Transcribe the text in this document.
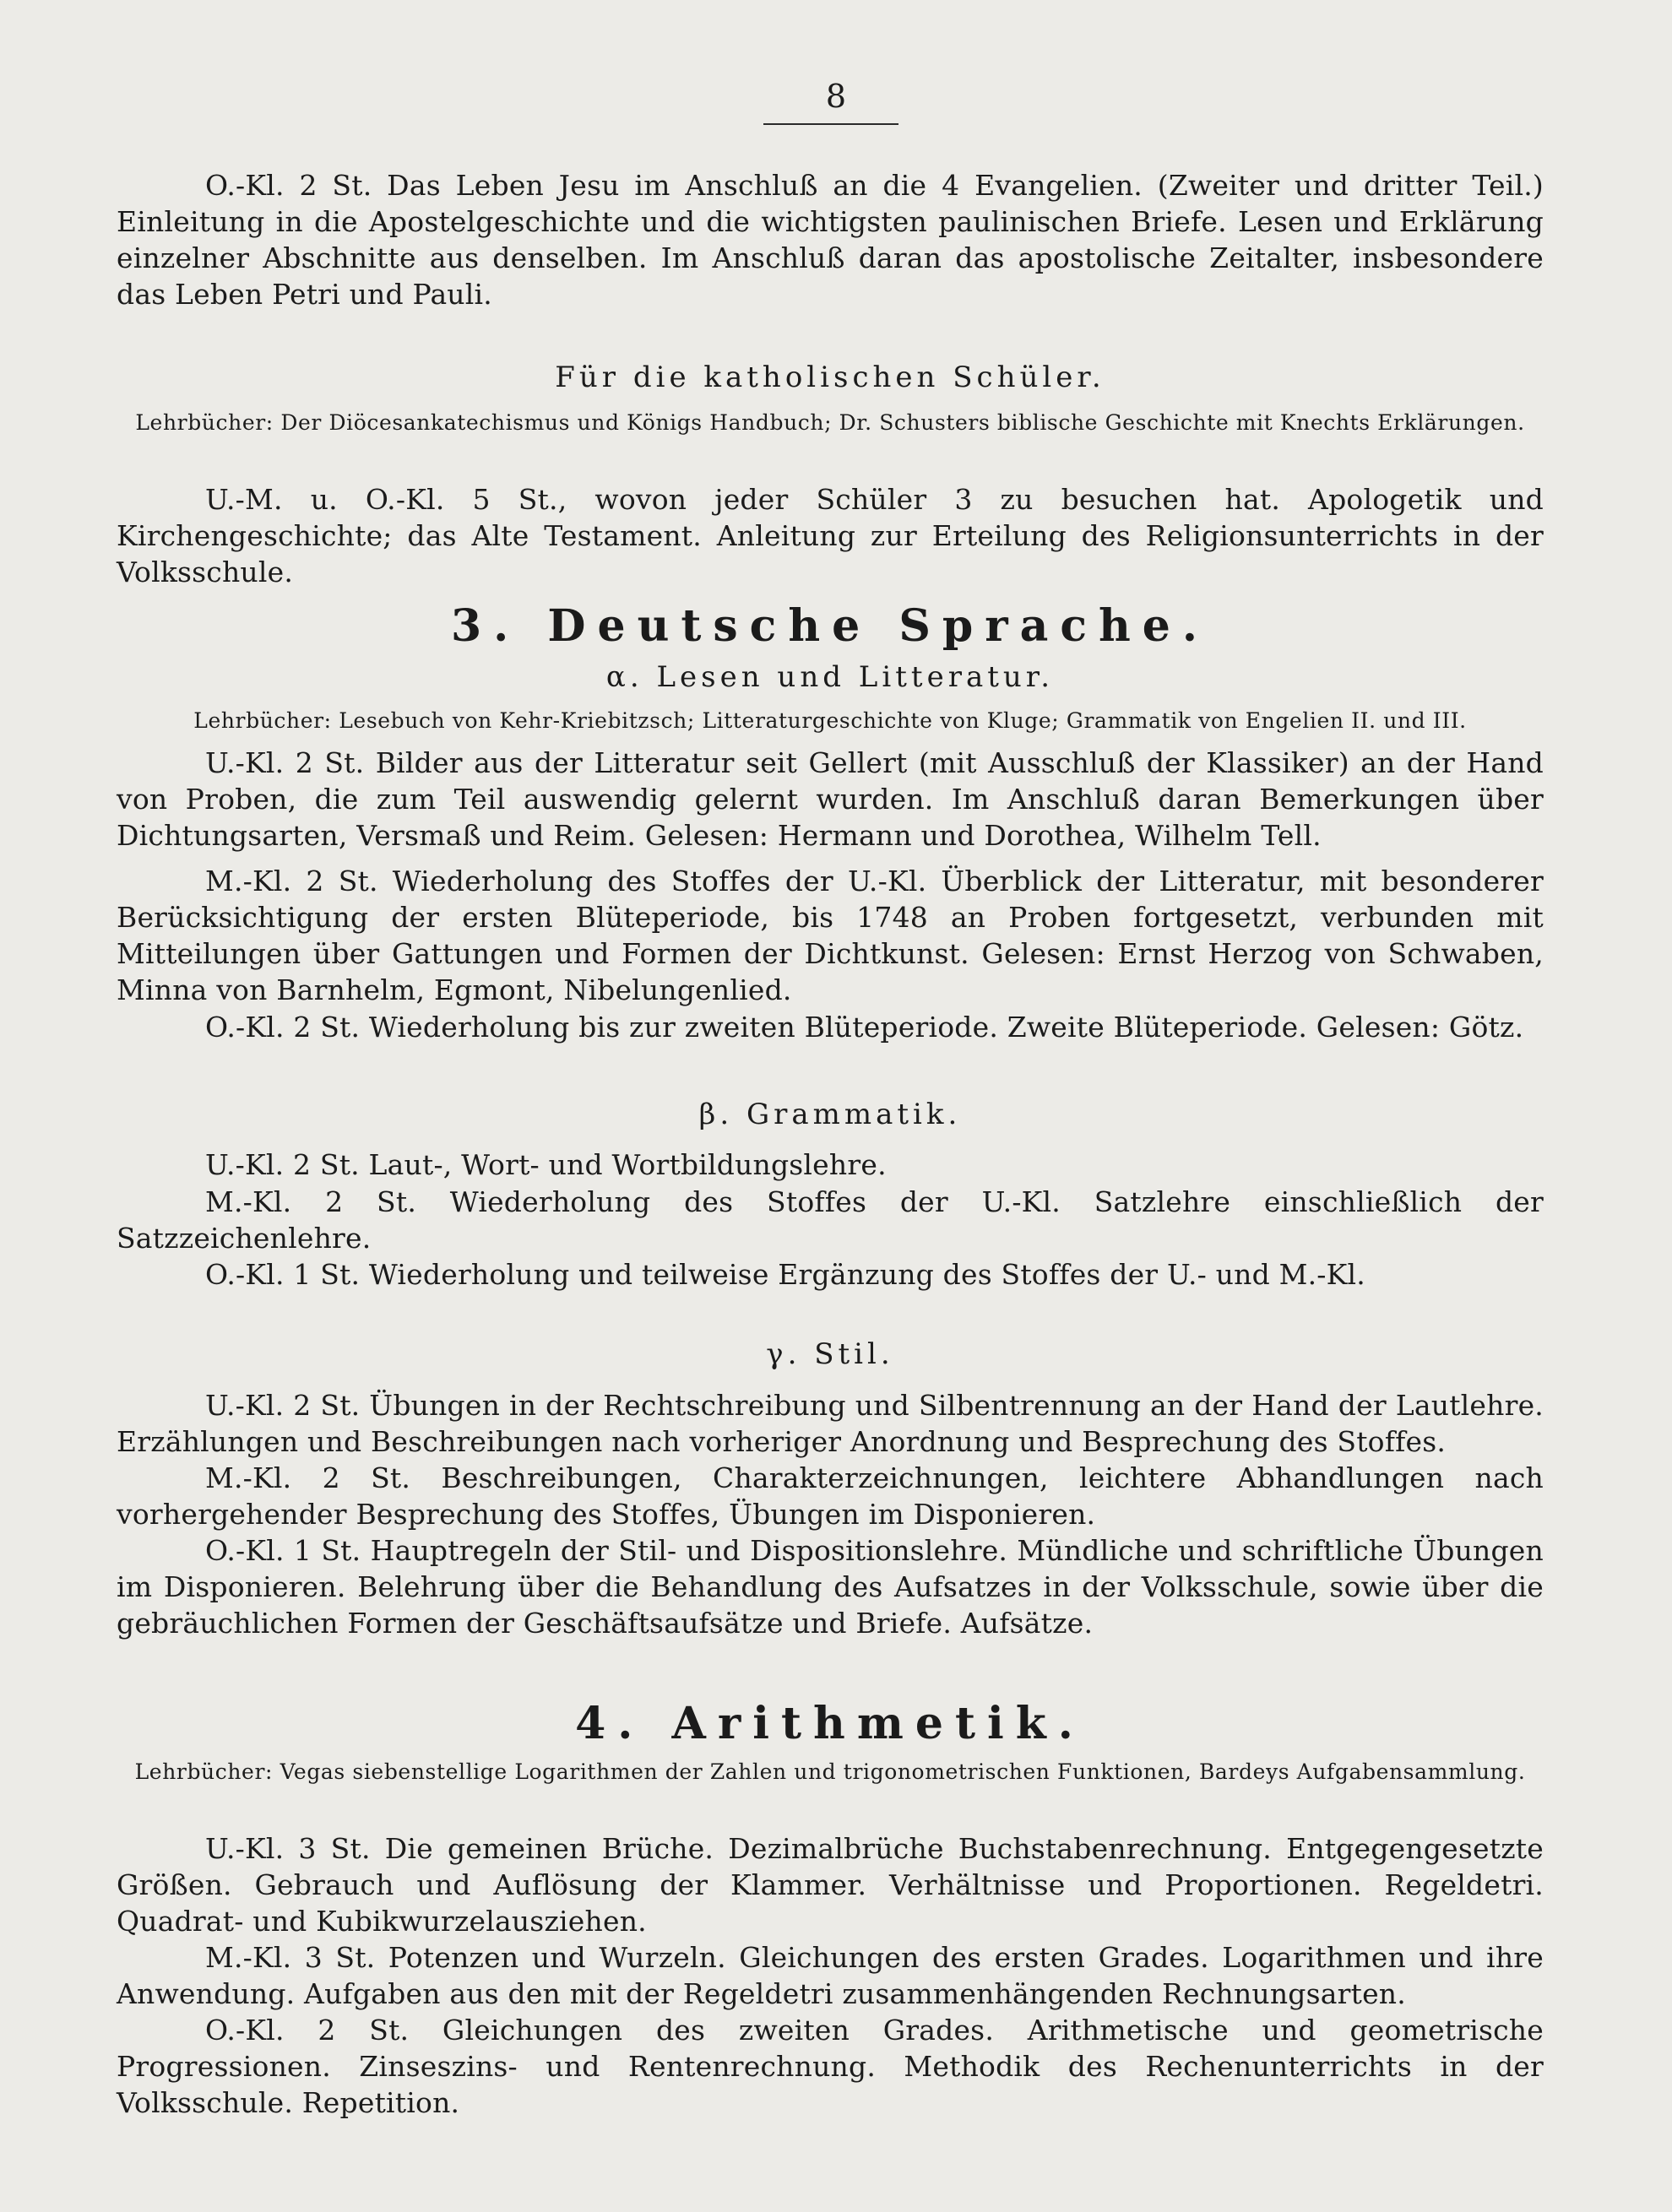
8

O.-Kl. 2 St. Das Leben Jesu im Anschluß an die 4 Evangelien. (Zweiter und dritter Teil.) Einleitung in die Apostelgeschichte und die wichtigsten paulinischen Briefe. Lesen und Erklärung einzelner Abschnitte aus denselben. Im Anschluß daran das apostolische Zeitalter, insbesondere das Leben Petri und Pauli.

Für die katholischen Schüler.

Lehrbücher: Der Diöcesankatechismus und Königs Handbuch; Dr. Schusters biblische Geschichte mit Knechts Erklärungen.

U.-M. u. O.-Kl. 5 St., wovon jeder Schüler 3 zu besuchen hat. Apologetik und Kirchengeschichte; das Alte Testament. Anleitung zur Erteilung des Religionsunterrichts in der Volksschule.

3. Deutsche Sprache.

α. Lesen und Litteratur.

Lehrbücher: Lesebuch von Kehr-Kriebitzsch; Litteraturgeschichte von Kluge; Grammatik von Engelien II. und III.

U.-Kl. 2 St. Bilder aus der Litteratur seit Gellert (mit Ausschluß der Klassiker) an der Hand von Proben, die zum Teil auswendig gelernt wurden. Im Anschluß daran Bemerkungen über Dichtungsarten, Versmaß und Reim. Gelesen: Hermann und Dorothea, Wilhelm Tell.

M.-Kl. 2 St. Wiederholung des Stoffes der U.-Kl. Überblick der Litteratur, mit besonderer Berücksichtigung der ersten Blüteperiode, bis 1748 an Proben fortgesetzt, verbunden mit Mitteilungen über Gattungen und Formen der Dichtkunst. Gelesen: Ernst Herzog von Schwaben, Minna von Barnhelm, Egmont, Nibelungenlied.

O.-Kl. 2 St. Wiederholung bis zur zweiten Blüteperiode. Zweite Blüteperiode. Gelesen: Götz.

β. Grammatik.

U.-Kl. 2 St. Laut-, Wort- und Wortbildungslehre.

M.-Kl. 2 St. Wiederholung des Stoffes der U.-Kl. Satzlehre einschließlich der Satzzeichenlehre.

O.-Kl. 1 St. Wiederholung und teilweise Ergänzung des Stoffes der U.- und M.-Kl.

γ. Stil.

U.-Kl. 2 St. Übungen in der Rechtschreibung und Silbentrennung an der Hand der Lautlehre. Erzählungen und Beschreibungen nach vorheriger Anordnung und Besprechung des Stoffes.

M.-Kl. 2 St. Beschreibungen, Charakterzeichnungen, leichtere Abhandlungen nach vorhergehender Besprechung des Stoffes, Übungen im Disponieren.

O.-Kl. 1 St. Hauptregeln der Stil- und Dispositionslehre. Mündliche und schriftliche Übungen im Disponieren. Belehrung über die Behandlung des Aufsatzes in der Volksschule, sowie über die gebräuchlichen Formen der Geschäftsaufsätze und Briefe. Aufsätze.

4. Arithmetik.

Lehrbücher: Vegas siebenstellige Logarithmen der Zahlen und trigonometrischen Funktionen, Bardeys Aufgabensammlung.

U.-Kl. 3 St. Die gemeinen Brüche. Dezimalbrüche Buchstabenrechnung. Entgegengesetzte Größen. Gebrauch und Auflösung der Klammer. Verhältnisse und Proportionen. Regeldetri. Quadrat- und Kubikwurzelausziehen.

M.-Kl. 3 St. Potenzen und Wurzeln. Gleichungen des ersten Grades. Logarithmen und ihre Anwendung. Aufgaben aus den mit der Regeldetri zusammenhängenden Rechnungsarten.

O.-Kl. 2 St. Gleichungen des zweiten Grades. Arithmetische und geometrische Progressionen. Zinseszins- und Rentenrechnung. Methodik des Rechenunterrichts in der Volksschule. Repetition.
